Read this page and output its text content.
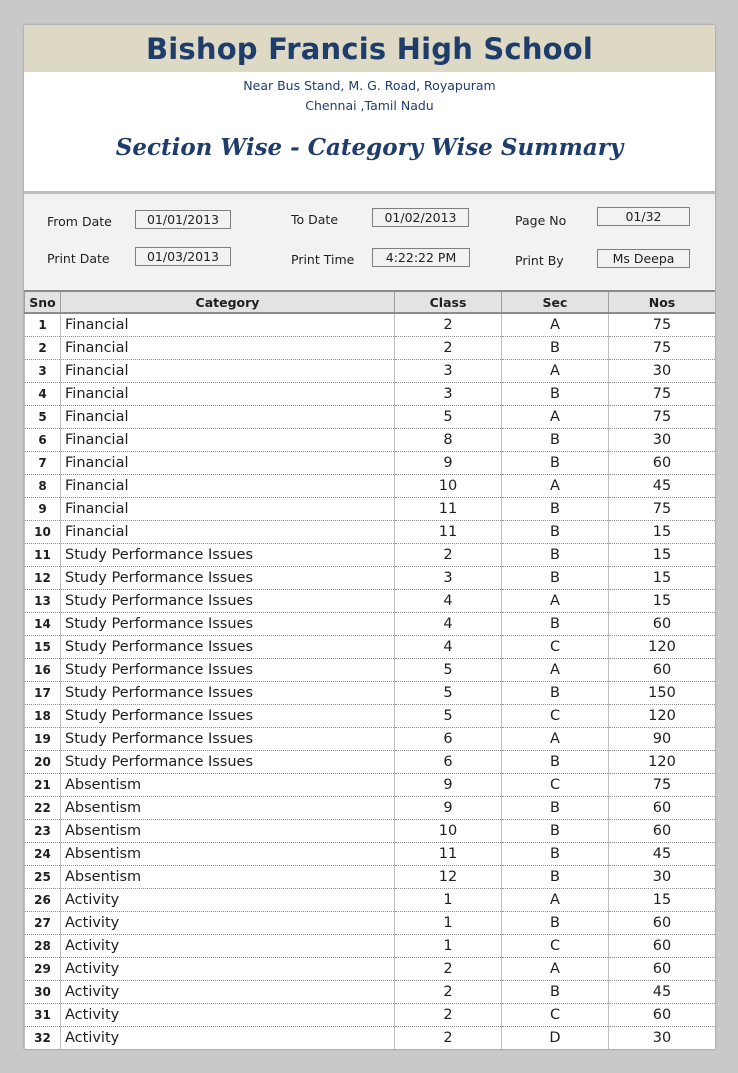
Bishop Francis High School
Near Bus Stand, M. G. Road, Royapuram
Chennai ,Tamil Nadu
Section Wise - Category Wise Summary
From Date	01/01/2013	To Date	01/02/2013	Page No	01/32
Print Date	01/03/2013	Print Time	4:22:22 PM	Print By	Ms Deepa
Sno	Category	Class	Sec	Nos
1	Financial	2	A	75
2	Financial	2	B	75
3	Financial	3	A	30
4	Financial	3	B	75
5	Financial	5	A	75
6	Financial	8	B	30
7	Financial	9	B	60
8	Financial	10	A	45
9	Financial	11	B	75
10	Financial	11	B	15
11	Study Performance Issues	2	B	15
12	Study Performance Issues	3	B	15
13	Study Performance Issues	4	A	15
14	Study Performance Issues	4	B	60
15	Study Performance Issues	4	C	120
16	Study Performance Issues	5	A	60
17	Study Performance Issues	5	B	150
18	Study Performance Issues	5	C	120
19	Study Performance Issues	6	A	90
20	Study Performance Issues	6	B	120
21	Absentism	9	C	75
22	Absentism	9	B	60
23	Absentism	10	B	60
24	Absentism	11	B	45
25	Absentism	12	B	30
26	Activity	1	A	15
27	Activity	1	B	60
28	Activity	1	C	60
29	Activity	2	A	60
30	Activity	2	B	45
31	Activity	2	C	60
32	Activity	2	D	30
